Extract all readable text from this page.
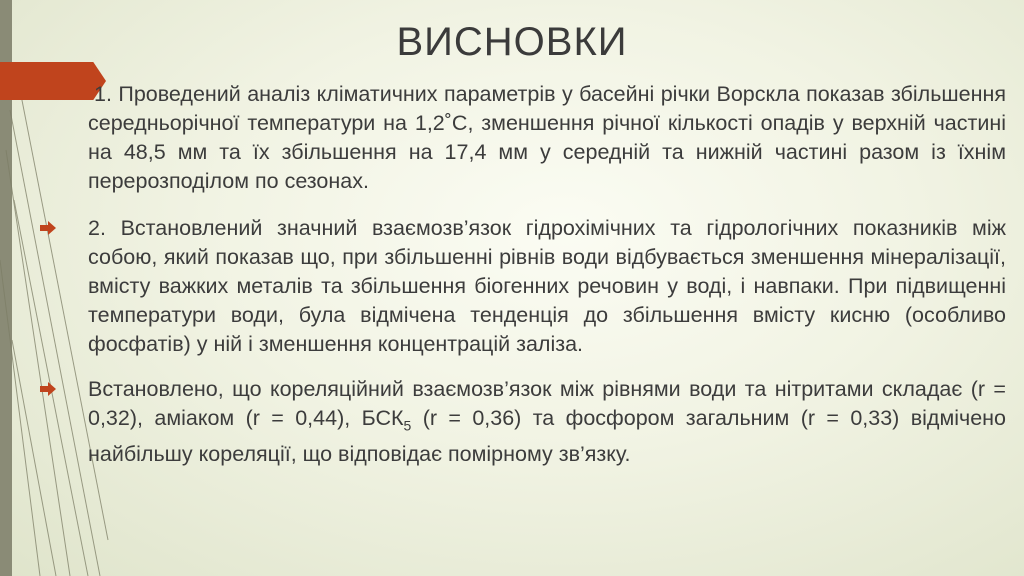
ВИСНОВКИ

1. Проведений аналіз кліматичних параметрів у басейні річки Ворскла показав збільшення середньорічної температури на 1,2˚С, зменшення річної кількості опадів у верхній частині на 48,5 мм та їх збільшення на 17,4 мм у середній та нижній частині разом із їхнім перерозподілом по сезонах.

2. Встановлений значний взаємозв’язок гідрохімічних та гідрологічних показників між собою, який показав що, при збільшенні рівнів води відбувається зменшення мінералізації, вмісту важких металів та збільшення біогенних речовин у воді, і навпаки. При підвищенні температури води, була відмічена тенденція до збільшення вмісту кисню (особливо фосфатів) у ній і зменшення концентрацій заліза.

Встановлено, що кореляційний взаємозв’язок між рівнями води та нітритами складає (r = 0,32), аміаком (r = 0,44), $БСК_5$ (r = 0,36) та фосфором загальним (r = 0,33) відмічено найбільшу кореляції, що відповідає помірному зв’язку.
